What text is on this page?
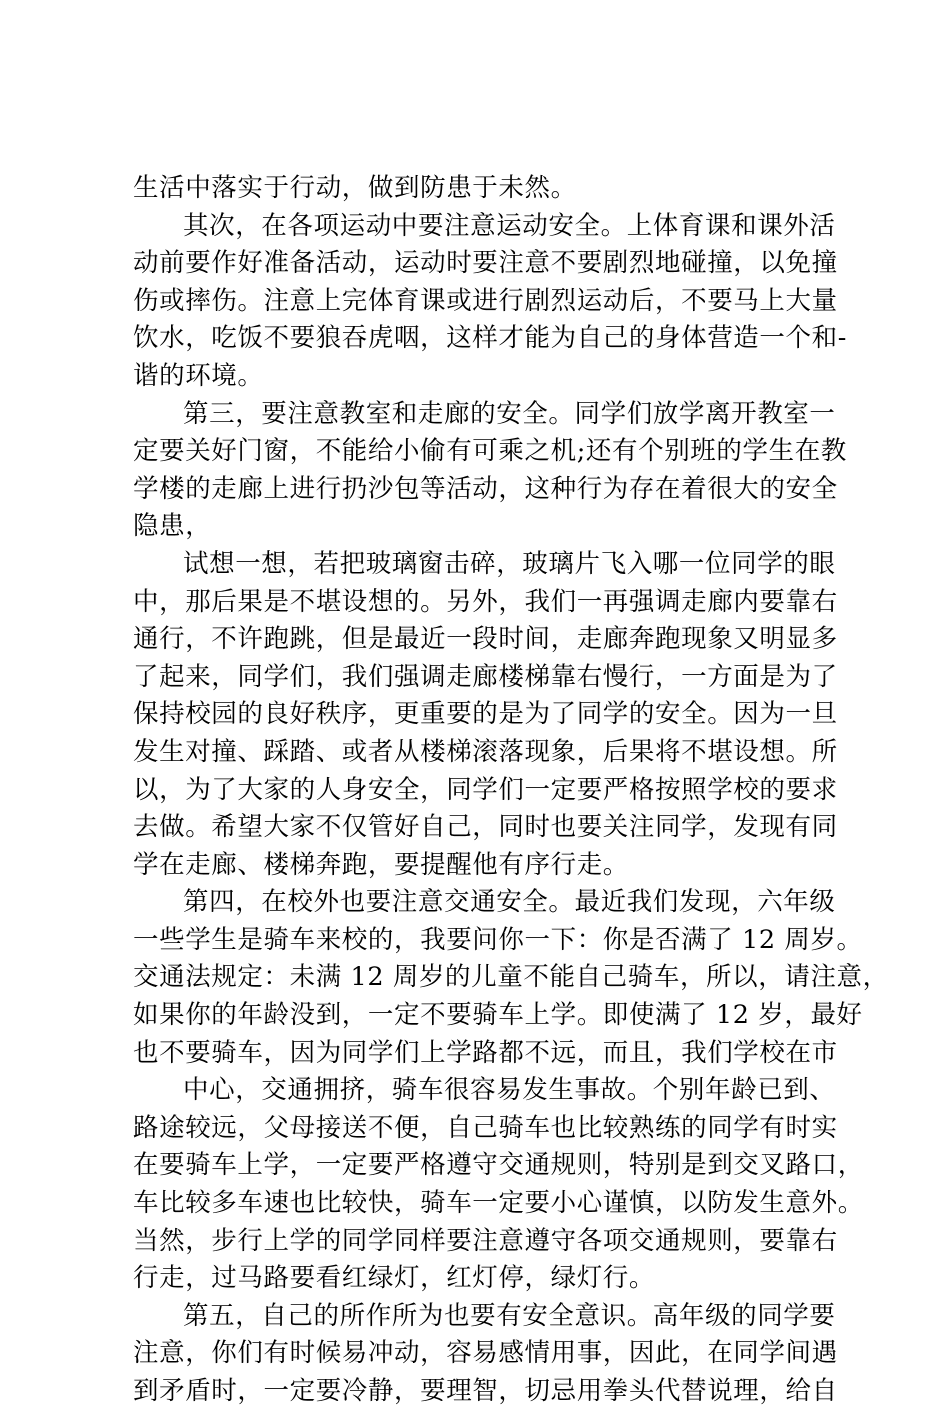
生活中落实于行动，做到防患于未然。
其次，在各项运动中要注意运动安全。上体育课和课外活
动前要作好准备活动，运动时要注意不要剧烈地碰撞，以免撞
伤或摔伤。注意上完体育课或进行剧烈运动后，不要马上大量
饮水，吃饭不要狼吞虎咽，这样才能为自己的身体营造一个和-
谐的环境。
第三，要注意教室和走廊的安全。同学们放学离开教室一
定要关好门窗，不能给小偷有可乘之机;还有个别班的学生在教
学楼的走廊上进行扔沙包等活动，这种行为存在着很大的安全
隐患，
试想一想，若把玻璃窗击碎，玻璃片飞入哪一位同学的眼
中，那后果是不堪设想的。另外，我们一再强调走廊内要靠右
通行，不许跑跳，但是最近一段时间，走廊奔跑现象又明显多
了起来，同学们，我们强调走廊楼梯靠右慢行，一方面是为了
保持校园的良好秩序，更重要的是为了同学的安全。因为一旦
发生对撞、踩踏、或者从楼梯滚落现象，后果将不堪设想。所
以，为了大家的人身安全，同学们一定要严格按照学校的要求
去做。希望大家不仅管好自己，同时也要关注同学，发现有同
学在走廊、楼梯奔跑，要提醒他有序行走。
第四，在校外也要注意交通安全。最近我们发现，六年级
一些学生是骑车来校的，我要问你一下：你是否满了 12 周岁。
交通法规定：未满 12 周岁的儿童不能自己骑车，所以，请注意，
如果你的年龄没到，一定不要骑车上学。即使满了 12 岁，最好
也不要骑车，因为同学们上学路都不远，而且，我们学校在市
中心，交通拥挤，骑车很容易发生事故。个别年龄已到、
路途较远，父母接送不便，自己骑车也比较熟练的同学有时实
在要骑车上学，一定要严格遵守交通规则，特别是到交叉路口，
车比较多车速也比较快，骑车一定要小心谨慎，以防发生意外。
当然，步行上学的同学同样要注意遵守各项交通规则，要靠右
行走，过马路要看红绿灯，红灯停，绿灯行。
第五，自己的所作所为也要有安全意识。高年级的同学要
注意，你们有时候易冲动，容易感情用事，因此，在同学间遇
到矛盾时，一定要冷静，要理智，切忌用拳头代替说理，给自
